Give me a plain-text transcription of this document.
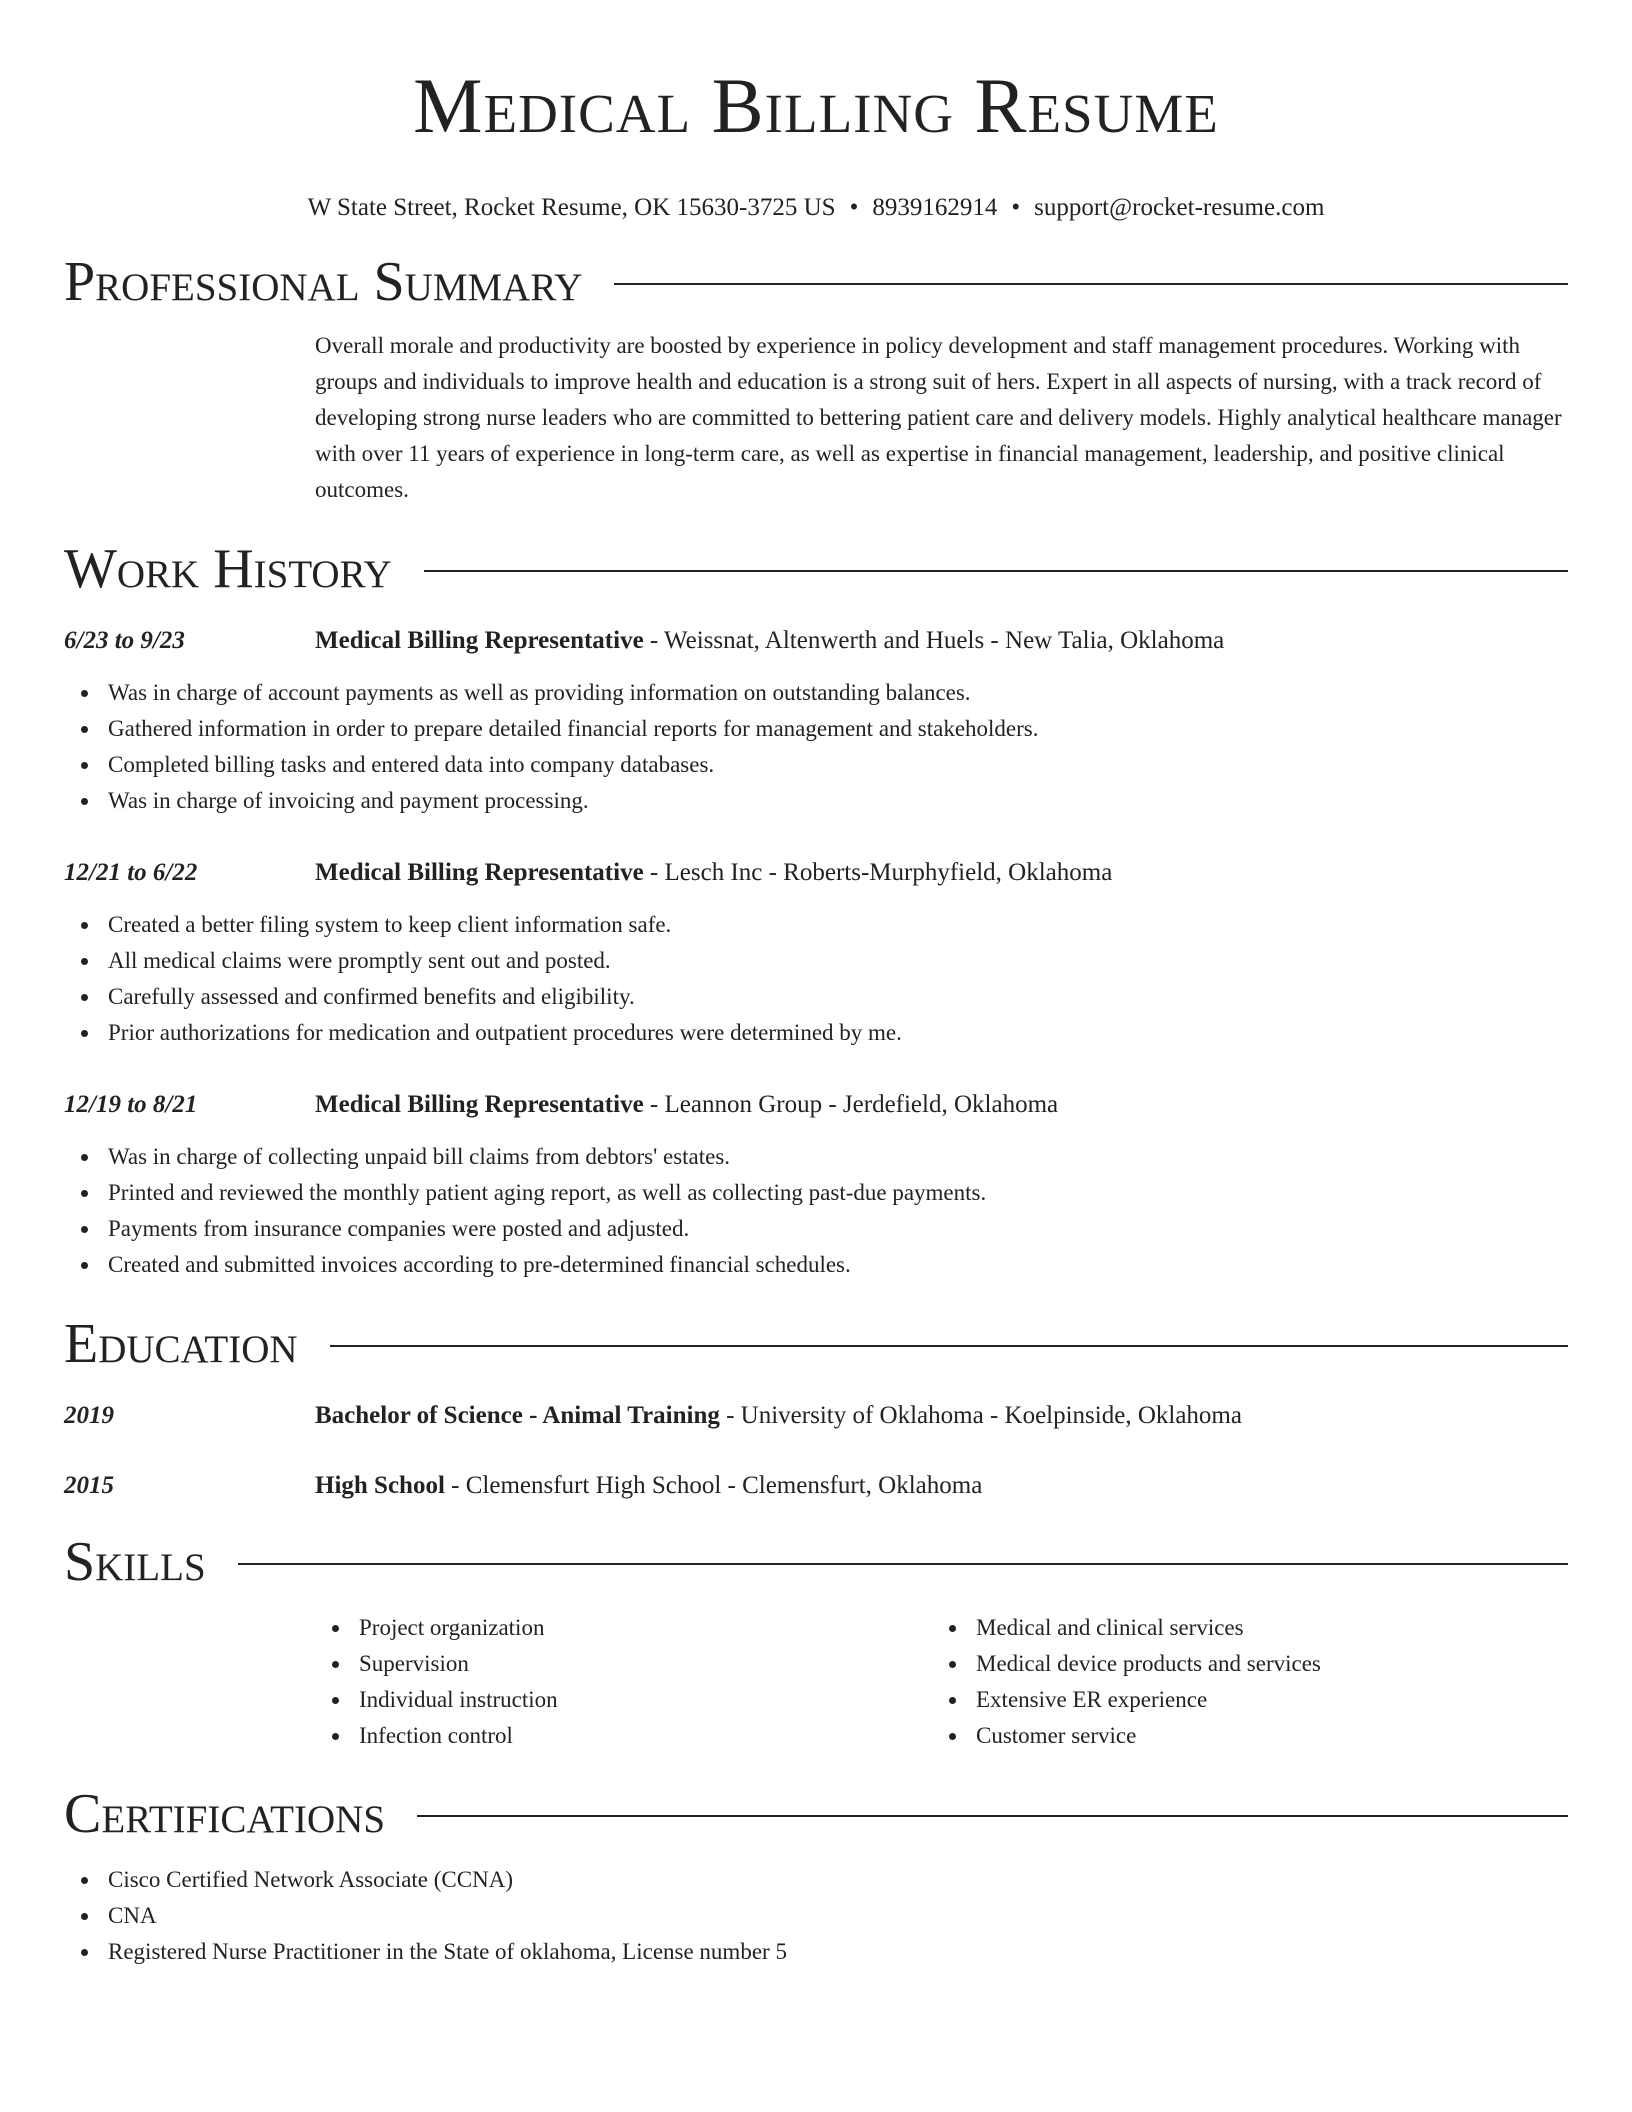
Medical Billing Resume
W State Street, Rocket Resume, OK 15630-3725 US • 8939162914 • support@rocket-resume.com
Professional Summary
Overall morale and productivity are boosted by experience in policy development and staff management procedures. Working with groups and individuals to improve health and education is a strong suit of hers. Expert in all aspects of nursing, with a track record of developing strong nurse leaders who are committed to bettering patient care and delivery models. Highly analytical healthcare manager with over 11 years of experience in long-term care, as well as expertise in financial management, leadership, and positive clinical outcomes.
Work History
6/23 to 9/23	Medical Billing Representative - Weissnat, Altenwerth and Huels - New Talia, Oklahoma
Was in charge of account payments as well as providing information on outstanding balances.
Gathered information in order to prepare detailed financial reports for management and stakeholders.
Completed billing tasks and entered data into company databases.
Was in charge of invoicing and payment processing.
12/21 to 6/22	Medical Billing Representative - Lesch Inc - Roberts-Murphyfield, Oklahoma
Created a better filing system to keep client information safe.
All medical claims were promptly sent out and posted.
Carefully assessed and confirmed benefits and eligibility.
Prior authorizations for medication and outpatient procedures were determined by me.
12/19 to 8/21	Medical Billing Representative - Leannon Group - Jerdefield, Oklahoma
Was in charge of collecting unpaid bill claims from debtors' estates.
Printed and reviewed the monthly patient aging report, as well as collecting past-due payments.
Payments from insurance companies were posted and adjusted.
Created and submitted invoices according to pre-determined financial schedules.
Education
2019	Bachelor of Science - Animal Training - University of Oklahoma - Koelpinside, Oklahoma
2015	High School - Clemensfurt High School - Clemensfurt, Oklahoma
Skills
Project organization
Supervision
Individual instruction
Infection control
Medical and clinical services
Medical device products and services
Extensive ER experience
Customer service
Certifications
Cisco Certified Network Associate (CCNA)
CNA
Registered Nurse Practitioner in the State of oklahoma, License number 5
